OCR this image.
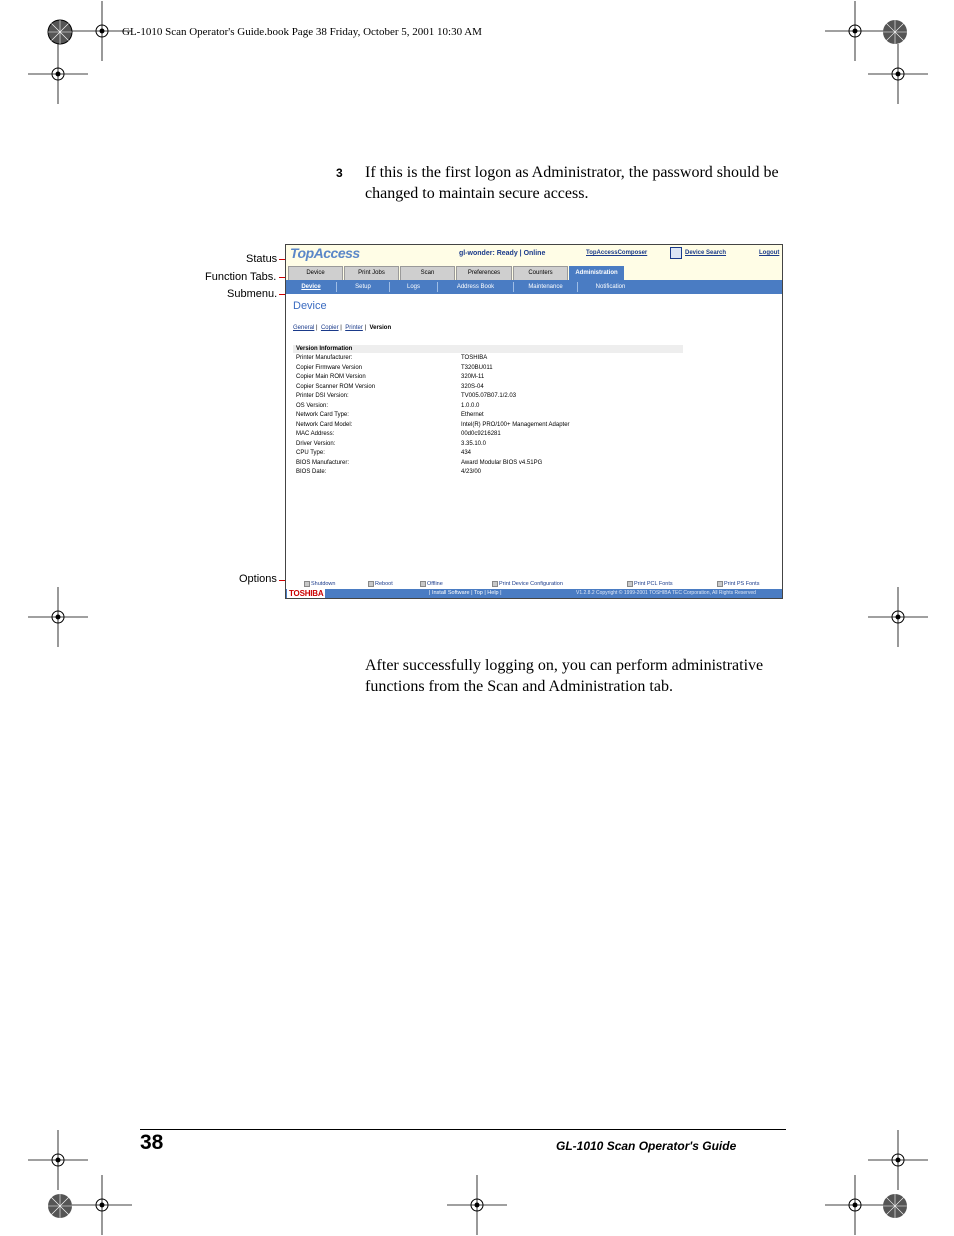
GL-1010 Scan Operator's Guide.book Page 38 Friday, October 5, 2001 10:30 AM
3 If this is the first logon as Administrator, the password should be changed to maintain secure access.
Status
Function Tabs.
Submenu.
Options
TopAccess	gl-wonder: Ready | Online	TopAccessComposer	Device Search	Logout
Device	Print Jobs	Scan	Preferences	Counters	Administration
Device	Setup	Logs	Address Book	Maintenance	Notification
Device
General | Copier | Printer | Version
Version Information
Printer Manufacturer:	TOSHIBA
Copier Firmware Version	T320BU011
Copier Main ROM Version	320M-11
Copier Scanner ROM Version	320S-04
Printer DSI Version:	TV005.07B07.1/2.03
OS Version:	1.0.0.0
Network Card Type:	Ethernet
Network Card Model:	Intel(R) PRO/100+ Management Adapter
MAC Address:	00d0c9216281
Driver Version:	3.35.10.0
CPU Type:	434
BIOS Manufacturer:	Award Modular BIOS v4.51PG
BIOS Date:	4/23/00
Shutdown	Reboot	Offline	Print Device Configuration	Print PCL Fonts	Print PS Fonts
TOSHIBA	| Install Software | Top | Help |	V1.2.8.2 Copyright © 1999-2001 TOSHIBA TEC Corporation, All Rights Reserved
After successfully logging on, you can perform administrative functions from the Scan and Administration tab.
38	GL-1010 Scan Operator's Guide
